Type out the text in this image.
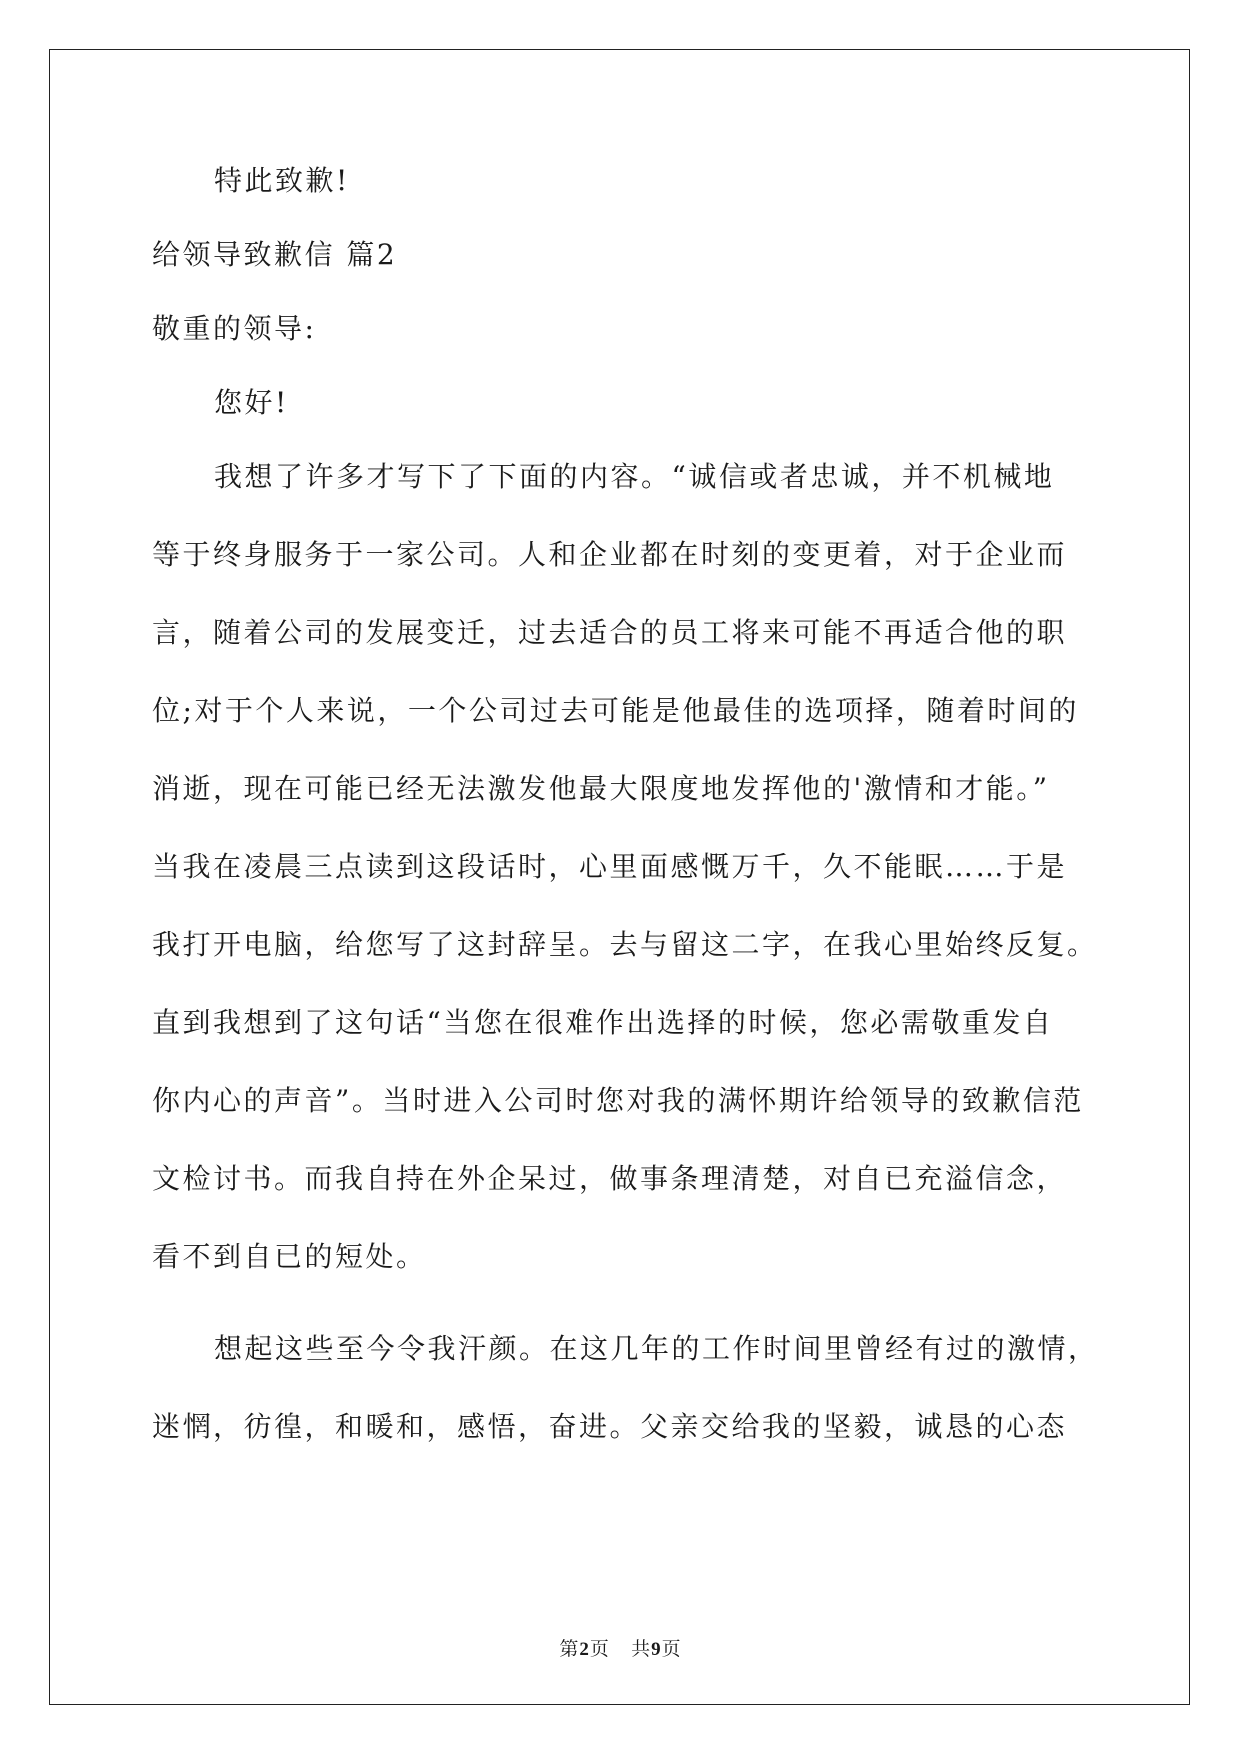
特此致歉!
给领导致歉信 篇2
敬重的领导:
您好!
我想了许多才写下了下面的内容。“诚信或者忠诚，并不机械地
等于终身服务于一家公司。人和企业都在时刻的变更着，对于企业而
言，随着公司的发展变迁，过去适合的员工将来可能不再适合他的职
位;对于个人来说，一个公司过去可能是他最佳的选项择，随着时间的
消逝，现在可能已经无法激发他最大限度地发挥他的'激情和才能。”
当我在凌晨三点读到这段话时，心里面感慨万千，久不能眠……于是
我打开电脑，给您写了这封辞呈。去与留这二字，在我心里始终反复。
直到我想到了这句话“当您在很难作出选择的时候，您必需敬重发自
你内心的声音”。当时进入公司时您对我的满怀期许给领导的致歉信范
文检讨书。而我自持在外企呆过，做事条理清楚，对自已充溢信念，
看不到自已的短处。
想起这些至今令我汗颜。在这几年的工作时间里曾经有过的激情，
迷惘，彷徨，和暖和，感悟，奋进。父亲交给我的坚毅，诚恳的心态
第2页 共9页
